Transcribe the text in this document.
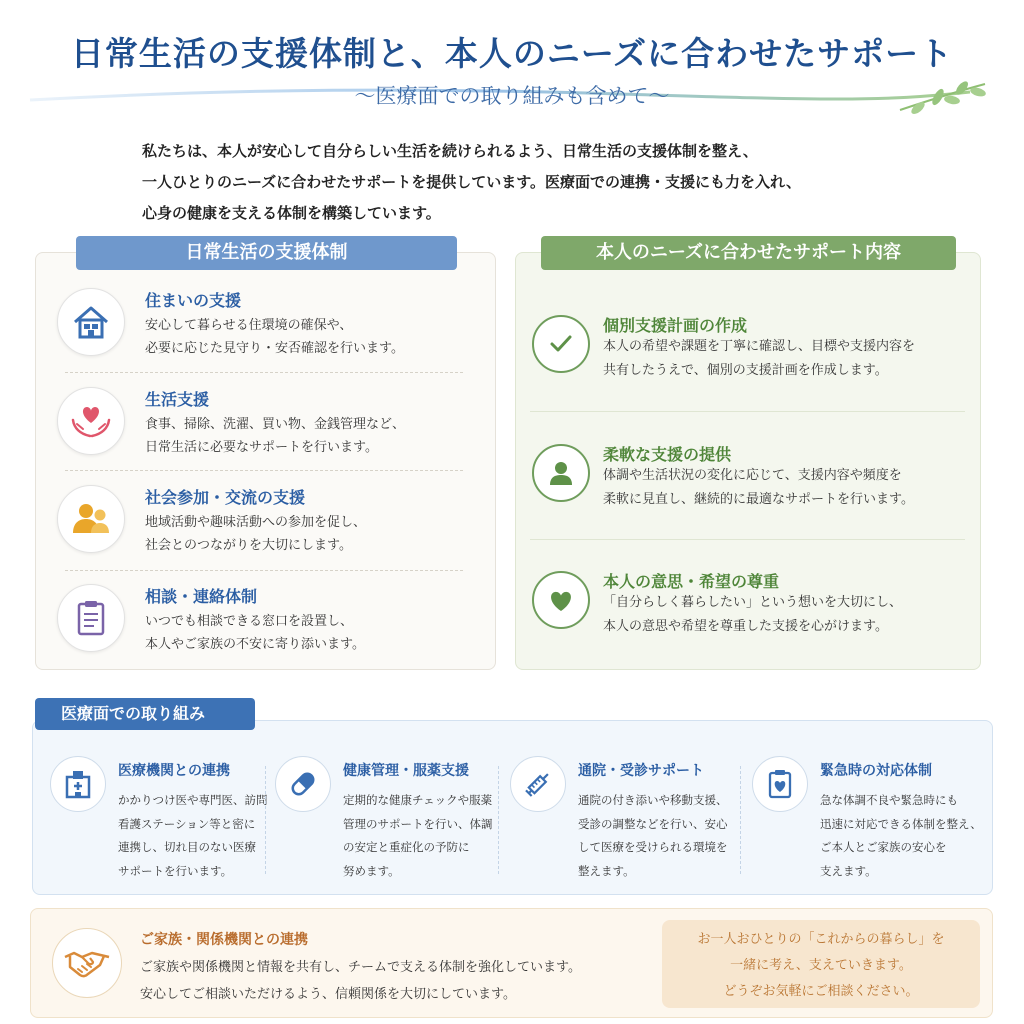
日常生活の支援体制と、本人のニーズに合わせたサポート
〜医療面での取り組みも含めて〜
私たちは、本人が安心して自分らしい生活を続けられるよう、日常生活の支援体制を整え、
一人ひとりのニーズに合わせたサポートを提供しています。医療面での連携・支援にも力を入れ、
心身の健康を支える体制を構築しています。
日常生活の支援体制
住まいの支援
安心して暮らせる住環境の確保や、
必要に応じた見守り・安否確認を行います。
生活支援
食事、掃除、洗濯、買い物、金銭管理など、
日常生活に必要なサポートを行います。
社会参加・交流の支援
地域活動や趣味活動への参加を促し、
社会とのつながりを大切にします。
相談・連絡体制
いつでも相談できる窓口を設置し、
本人やご家族の不安に寄り添います。
本人のニーズに合わせたサポート内容
個別支援計画の作成
本人の希望や課題を丁寧に確認し、目標や支援内容を
共有したうえで、個別の支援計画を作成します。
柔軟な支援の提供
体調や生活状況の変化に応じて、支援内容や頻度を
柔軟に見直し、継続的に最適なサポートを行います。
本人の意思・希望の尊重
「自分らしく暮らしたい」という想いを大切にし、
本人の意思や希望を尊重した支援を心がけます。
医療面での取り組み
医療機関との連携
かかりつけ医や専門医、訪問
看護ステーション等と密に
連携し、切れ目のない医療
サポートを行います。
健康管理・服薬支援
定期的な健康チェックや服薬
管理のサポートを行い、体調
の安定と重症化の予防に
努めます。
通院・受診サポート
通院の付き添いや移動支援、
受診の調整などを行い、安心
して医療を受けられる環境を
整えます。
緊急時の対応体制
急な体調不良や緊急時にも
迅速に対応できる体制を整え、
ご本人とご家族の安心を
支えます。
ご家族・関係機関との連携
ご家族や関係機関と情報を共有し、チームで支える体制を強化しています。
安心してご相談いただけるよう、信頼関係を大切にしています。
お一人おひとりの「これからの暮らし」を
一緒に考え、支えていきます。
どうぞお気軽にご相談ください。
